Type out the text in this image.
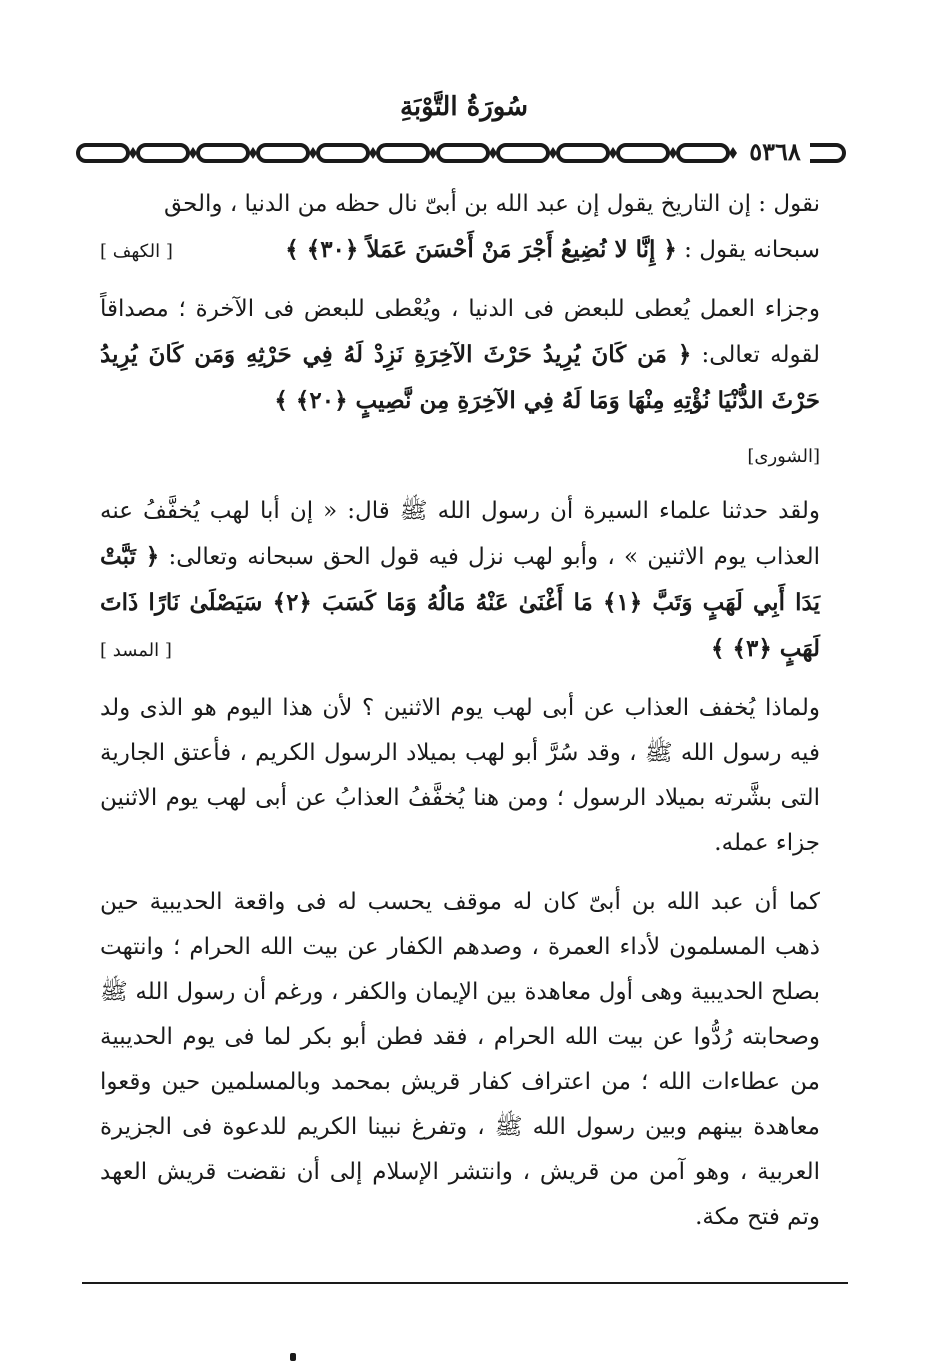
سُورَةُ التَّوْبَةِ
٥٣٦٨

نقول : إن التاريخ يقول إن عبد الله بن أبىّ نال حظه من الدنيا ، والحق
سبحانه يقول : ﴿ إِنَّا لا نُضِيعُ أَجْرَ مَنْ أَحْسَنَ عَمَلاً ﴿٣٠﴾ ﴾
[ الكهف ]

وجزاء العمل يُعطى للبعض فى الدنيا ، ويُعْطى للبعض فى الآخرة ؛ مصداقاً لقوله تعالى: ﴿ مَن كَانَ يُرِيدُ حَرْثَ الآخِرَةِ نَزِدْ لَهُ فِي حَرْثِهِ وَمَن كَانَ يُرِيدُ حَرْثَ الدُّنْيَا نُؤْتِهِ مِنْهَا وَمَا لَهُ فِي الآخِرَةِ مِن نَّصِيبٍ ﴿٢٠﴾ ﴾

[الشورى]

ولقد حدثنا علماء السيرة أن رسول الله ﷺ قال: « إن أبا لهب يُخفَّفُ عنه العذاب يوم الاثنين » ، وأبو لهب نزل فيه قول الحق سبحانه وتعالى: ﴿ تَبَّتْ يَدَا أَبِي لَهَبٍ وَتَبَّ ﴿١﴾ مَا أَغْنَىٰ عَنْهُ مَالُهُ وَمَا كَسَبَ ﴿٢﴾ سَيَصْلَىٰ نَارًا ذَاتَ لَهَبٍ ﴿٣﴾ ﴾
[ المسد ]

ولماذا يُخفف العذاب عن أبى لهب يوم الاثنين ؟ لأن هذا اليوم هو الذى ولد فيه رسول الله ﷺ ، وقد سُرَّ أبو لهب بميلاد الرسول الكريم ، فأعتق الجارية التى بشَّرته بميلاد الرسول ؛ ومن هنا يُخفَّفُ العذابُ عن أبى لهب يوم الاثنين جزاء عمله.

كما أن عبد الله بن أبىّ كان له موقف يحسب له فى واقعة الحديبية حين ذهب المسلمون لأداء العمرة ، وصدهم الكفار عن بيت الله الحرام ؛ وانتهت بصلح الحديبية وهى أول معاهدة بين الإيمان والكفر ، ورغم أن رسول الله ﷺ وصحابته رُدُّوا عن بيت الله الحرام ، فقد فطن أبو بكر لما فى يوم الحديبية من عطاءات الله ؛ من اعتراف كفار قريش بمحمد وبالمسلمين حين وقعوا معاهدة بينهم وبين رسول الله ﷺ ، وتفرغ نبينا الكريم للدعوة فى الجزيرة العربية ، وهو آمن من قريش ، وانتشر الإسلام إلى أن نقضت قريش العهد وتم فتح مكة.
